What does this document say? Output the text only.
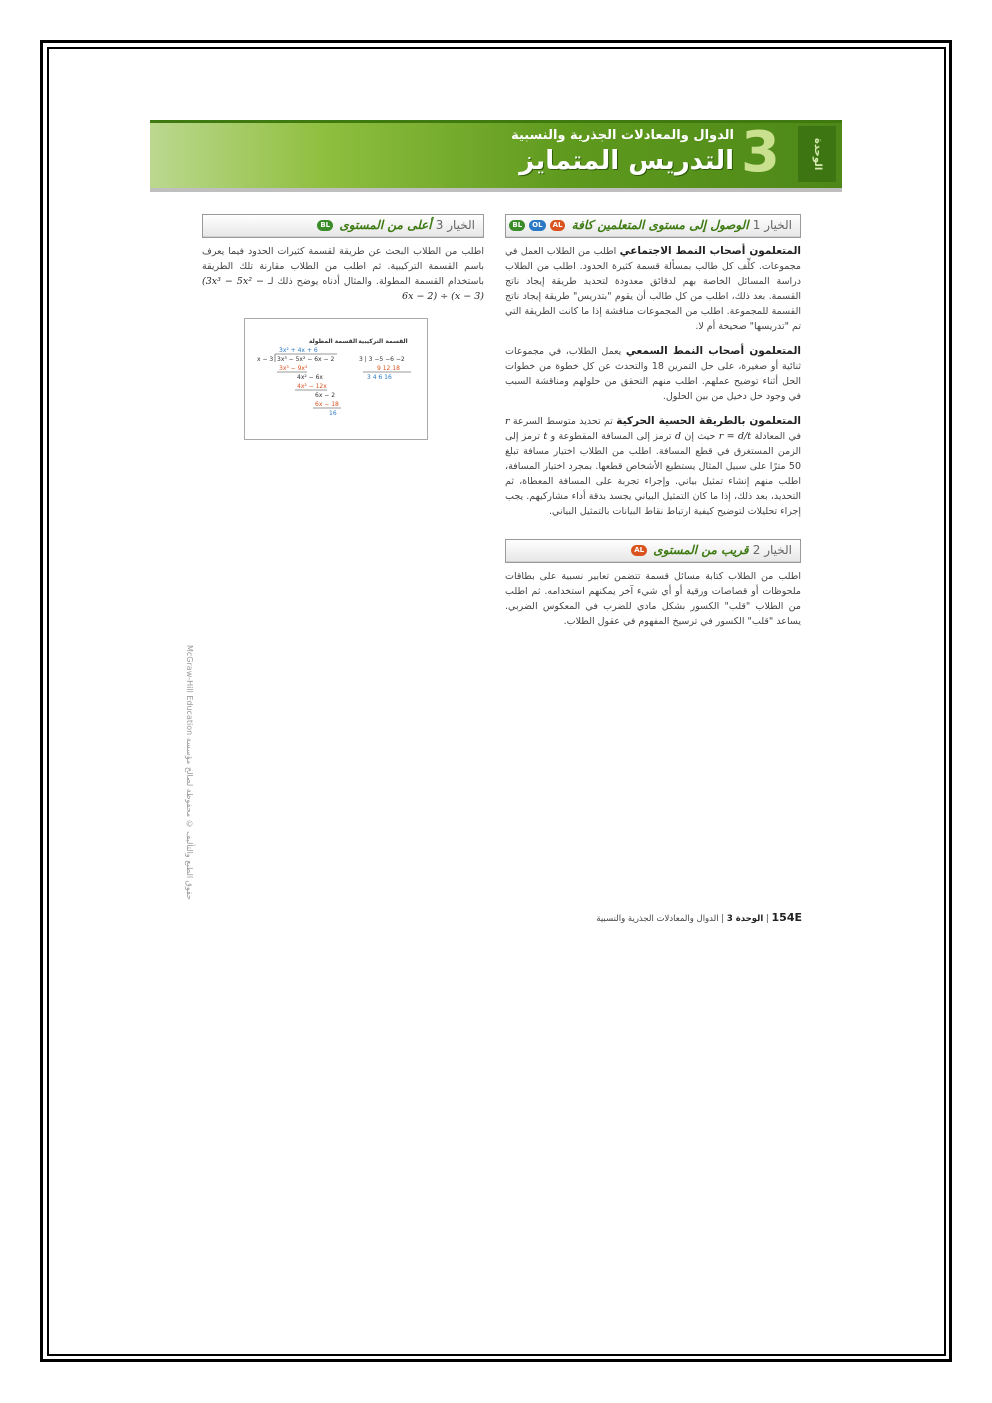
الدوال والمعادلات الجذرية والنسبية
التدريس المتمايز 3	الوحدة
الخيار 1 الوصول إلى مستوى المتعلمين كافة ALOLBL

المتعلمون أصحاب النمط الاجتماعي اطلب من الطلاب العمل في مجموعات. كلِّف كل طالب بمسألة قسمة كثيرة الحدود. اطلب من الطلاب دراسة المسائل الخاصة بهم لدقائق معدودة لتحديد طريقة إيجاد ناتج القسمة. بعد ذلك، اطلب من كل طالب أن يقوم "بتدريس" طريقة إيجاد ناتج القسمة للمجموعة. اطلب من المجموعات مناقشة إذا ما كانت الطريقة التي تم "تدريسها" صحيحة أم لا.

المتعلمون أصحاب النمط السمعي يعمل الطلاب، في مجموعات ثنائية أو صغيرة، على حل التمرين 18 والتحدث عن كل خطوة من خطوات الحل أثناء توضيح عملهم. اطلب منهم التحقق من حلولهم ومناقشة السبب في وجود حل دخيل من بين الحلول.

المتعلمون بالطريقة الحسية الحركية تم تحديد متوسط السرعة r في المعادلة r = d/t حيث إن d ترمز إلى المسافة المقطوعة و t ترمز إلى الزمن المستغرق في قطع المسافة. اطلب من الطلاب اختيار مسافة تبلغ 50 مترًا على سبيل المثال يستطيع الأشخاص قطعها. بمجرد اختيار المسافة، اطلب منهم إنشاء تمثيل بياني. وإجراء تجربة على المسافة المعطاة، ثم التحديد، بعد ذلك، إذا ما كان التمثيل البياني يجسد بدقة أداء مشاركيهم. يجب إجراء تحليلات لتوضيح كيفية ارتباط نقاط البيانات بالتمثيل البياني.

الخيار 2 قريب من المستوى AL

اطلب من الطلاب كتابة مسائل قسمة تتضمن تعابير نسبية على بطاقات ملحوظات أو قصاصات ورقية أو أي شيء آخر يمكنهم استخدامه. ثم اطلب من الطلاب "قلب" الكسور بشكل مادي للضرب في المعكوس الضربي. يساعد "قلب" الكسور في ترسيخ المفهوم في عقول الطلاب.

الخيار 3 أعلى من المستوى BL

اطلب من الطلاب البحث عن طريقة لقسمة كثيرات الحدود فيما يعرف باسم القسمة التركيبية. ثم اطلب من الطلاب مقارنة تلك الطريقة باستخدام القسمة المطولة. والمثال أدناه يوضح ذلك لـ (3x³ − 5x² − 6x − 2) ÷ (x − 3)

القسمة المطولة القسمة التركيبية
3x² + 4x + 6
x − 3 3x³ − 5x² − 6x − 2
3x³ − 9x²
4x² − 6x
4x² − 12x
6x − 2
6x − 18
16
3 | 3 −5 −6 −2
9 12 18
3 4 6 16
حقوق الطبع والتأليف © محفوظة لصالح مؤسسة McGraw-Hill Education
154E | الوحدة 3 | الدوال والمعادلات الجذرية والنسبية
